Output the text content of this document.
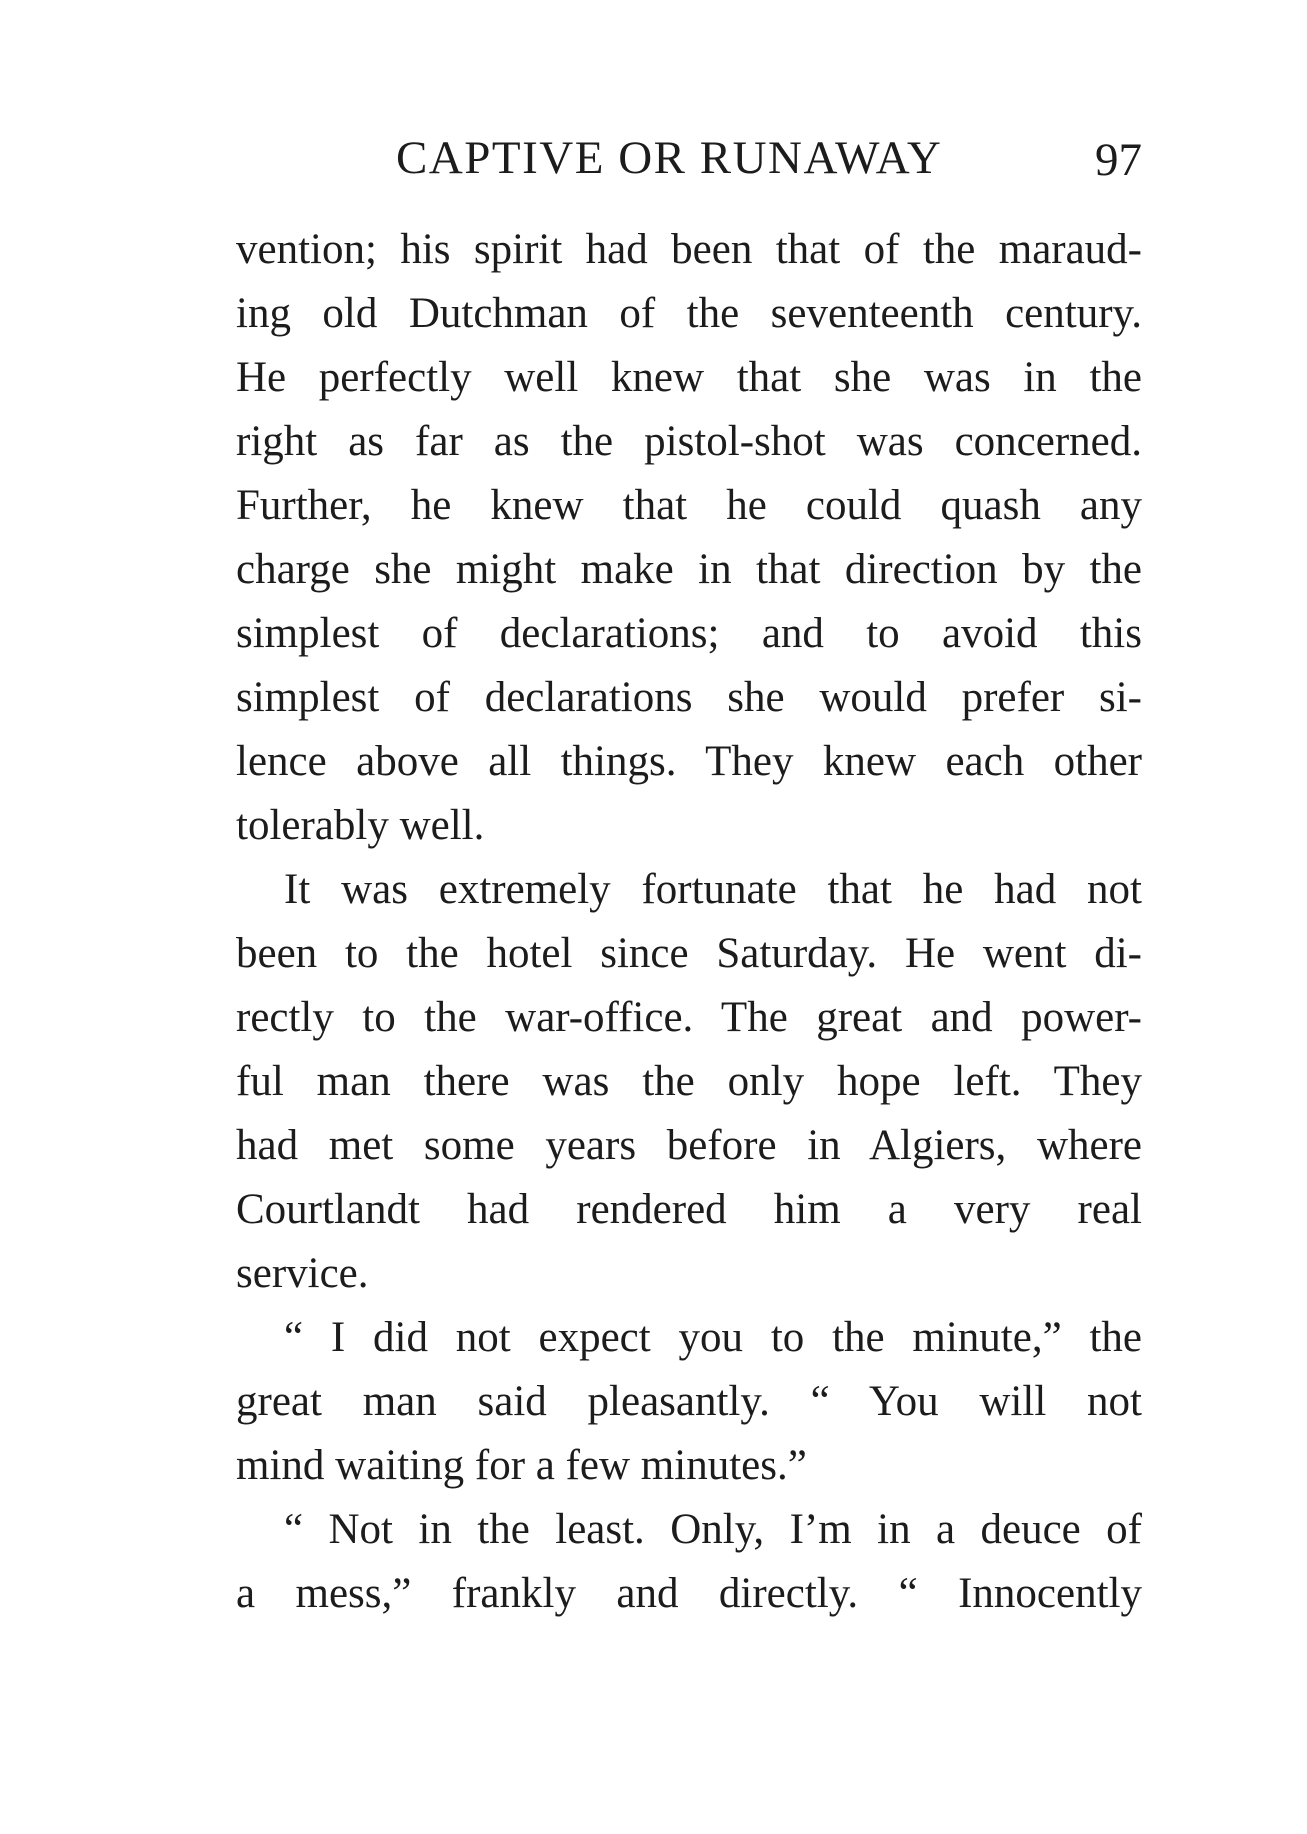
CAPTIVE OR RUNAWAY	97
vention; his spirit had been that of the maraud-
ing old Dutchman of the seventeenth century.
He perfectly well knew that she was in the
right as far as the pistol-shot was concerned.
Further, he knew that he could quash any
charge she might make in that direction by the
simplest of declarations; and to avoid this
simplest of declarations she would prefer si-
lence above all things. They knew each other
tolerably well.
It was extremely fortunate that he had not
been to the hotel since Saturday. He went di-
rectly to the war-office. The great and power-
ful man there was the only hope left. They
had met some years before in Algiers, where
Courtlandt had rendered him a very real
service.
“ I did not expect you to the minute,” the
great man said pleasantly. “ You will not
mind waiting for a few minutes.”
“ Not in the least. Only, I’m in a deuce of
a mess,” frankly and directly. “ Innocently
